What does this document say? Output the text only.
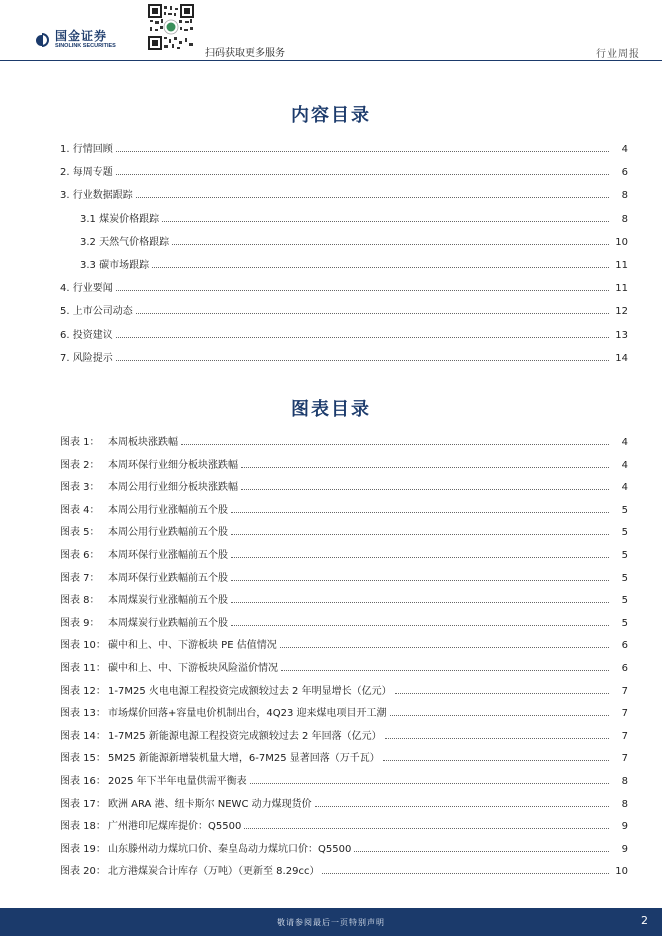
国金证券
SINOLINK SECURITIES
扫码获取更多服务	行业周报
内容目录
1. 行情回顾	4
2. 每周专题	6
3. 行业数据跟踪	8
3.1 煤炭价格跟踪	8
3.2 天然气价格跟踪	10
3.3 碳市场跟踪	11
4. 行业要闻	11
5. 上市公司动态	12
6. 投资建议	13
7. 风险提示	14
图表目录
图表 1： 本周板块涨跌幅	4
图表 2： 本周环保行业细分板块涨跌幅	4
图表 3： 本周公用行业细分板块涨跌幅	4
图表 4： 本周公用行业涨幅前五个股	5
图表 5： 本周公用行业跌幅前五个股	5
图表 6： 本周环保行业涨幅前五个股	5
图表 7： 本周环保行业跌幅前五个股	5
图表 8： 本周煤炭行业涨幅前五个股	5
图表 9： 本周煤炭行业跌幅前五个股	5
图表 10： 碳中和上、中、下游板块 PE 估值情况	6
图表 11： 碳中和上、中、下游板块风险溢价情况	6
图表 12： 1-7M25 火电电源工程投资完成额较过去 2 年明显增长（亿元）	7
图表 13： 市场煤价回落+容量电价机制出台，4Q23 迎来煤电项目开工潮	7
图表 14： 1-7M25 新能源电源工程投资完成额较过去 2 年回落（亿元）	7
图表 15： 5M25 新能源新增装机量大增，6-7M25 显著回落（万千瓦）	7
图表 16： 2025 年下半年电量供需平衡表	8
图表 17： 欧洲 ARA 港、纽卡斯尔 NEWC 动力煤现货价	8
图表 18： 广州港印尼煤库提价：Q5500	9
图表 19： 山东滕州动力煤坑口价、秦皇岛动力煤坑口价：Q5500	9
图表 20： 北方港煤炭合计库存（万吨）（更新至 8.29cc）	10
敬请参阅最后一页特别声明	2
